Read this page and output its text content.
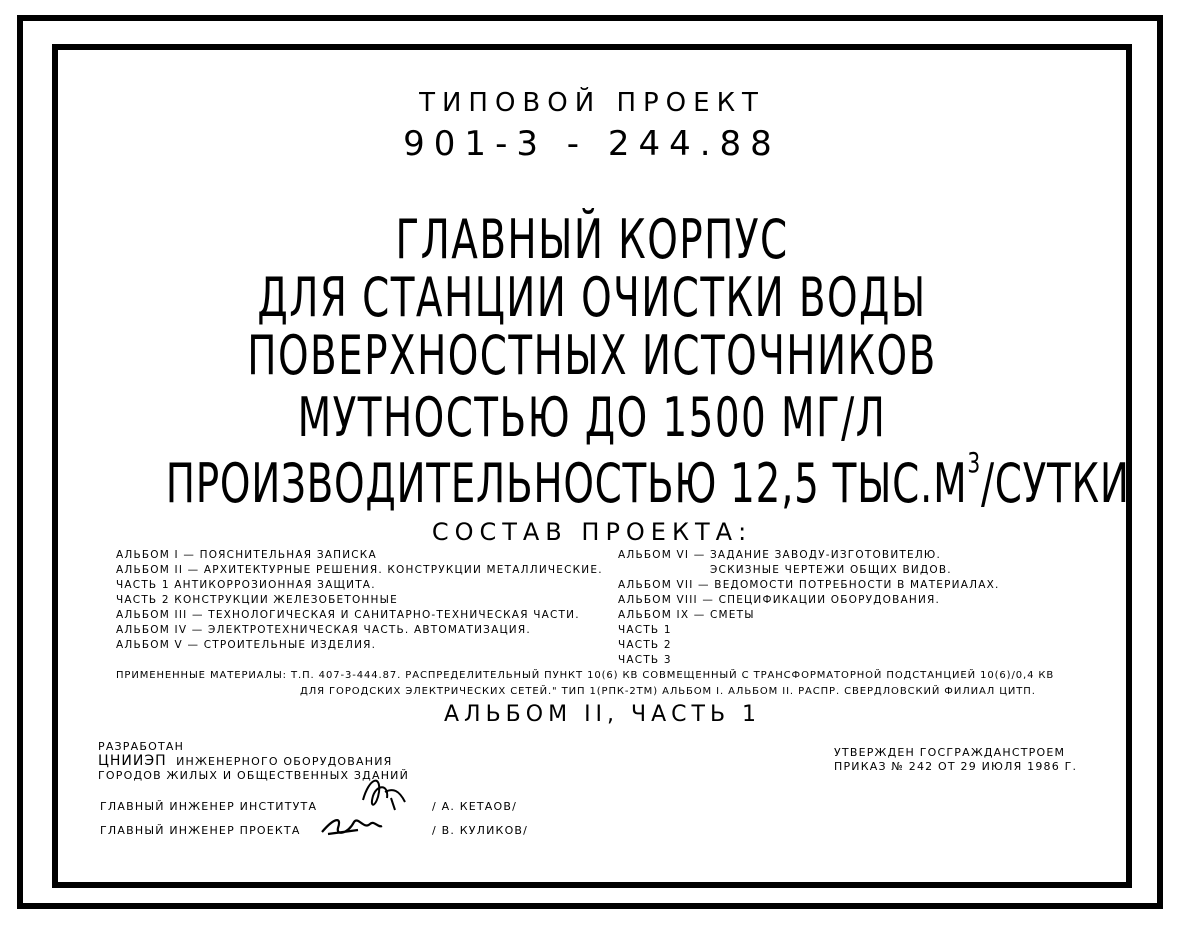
ТИПОВОЙ ПРОЕКТ
901-3 - 244.88
ГЛАВНЫЙ КОРПУС
ДЛЯ СТАНЦИИ ОЧИСТКИ ВОДЫ
ПОВЕРХНОСТНЫХ ИСТОЧНИКОВ
МУТНОСТЬЮ ДО 1500 МГ/Л
ПРОИЗВОДИТЕЛЬНОСТЬЮ 12,5 $ТЫС.М^3$/СУТКИ
СОСТАВ ПРОЕКТА:
АЛЬБОМ I — ПОЯСНИТЕЛЬНАЯ ЗАПИСКА
АЛЬБОМ II — АРХИТЕКТУРНЫЕ РЕШЕНИЯ. КОНСТРУКЦИИ МЕТАЛЛИЧЕСКИЕ.
ЧАСТЬ 1 АНТИКОРРОЗИОННАЯ ЗАЩИТА.
ЧАСТЬ 2 КОНСТРУКЦИИ ЖЕЛЕЗОБЕТОННЫЕ
АЛЬБОМ III — ТЕХНОЛОГИЧЕСКАЯ И САНИТАРНО-ТЕХНИЧЕСКАЯ ЧАСТИ.
АЛЬБОМ IV — ЭЛЕКТРОТЕХНИЧЕСКАЯ ЧАСТЬ. АВТОМАТИЗАЦИЯ.
АЛЬБОМ V — СТРОИТЕЛЬНЫЕ ИЗДЕЛИЯ.
АЛЬБОМ VI — ЗАДАНИЕ ЗАВОДУ-ИЗГОТОВИТЕЛЮ.
ЭСКИЗНЫЕ ЧЕРТЕЖИ ОБЩИХ ВИДОВ.
АЛЬБОМ VII — ВЕДОМОСТИ ПОТРЕБНОСТИ В МАТЕРИАЛАХ.
АЛЬБОМ VIII — СПЕЦИФИКАЦИИ ОБОРУДОВАНИЯ.
АЛЬБОМ IX — СМЕТЫ
ЧАСТЬ 1
ЧАСТЬ 2
ЧАСТЬ 3
ПРИМЕНЕННЫЕ МАТЕРИАЛЫ: Т.П. 407-3-444.87. РАСПРЕДЕЛИТЕЛЬНЫЙ ПУНКТ 10(6) КВ СОВМЕЩЕННЫЙ С ТРАНСФОРМАТОРНОЙ ПОДСТАНЦИЕЙ 10(6)/0,4 КВ
ДЛЯ ГОРОДСКИХ ЭЛЕКТРИЧЕСКИХ СЕТЕЙ." ТИП 1(РПК-2ТМ) АЛЬБОМ I. АЛЬБОМ II. РАСПР. СВЕРДЛОВСКИЙ ФИЛИАЛ ЦИТП.
АЛЬБОМ II, ЧАСТЬ 1
РАЗРАБОТАН
ЦНИИЭП ИНЖЕНЕРНОГО ОБОРУДОВАНИЯ
ГОРОДОВ ЖИЛЫХ И ОБЩЕСТВЕННЫХ ЗДАНИЙ
УТВЕРЖДЕН ГОСГРАЖДАНСТРОЕМ
ПРИКАЗ № 242 ОТ 29 ИЮЛЯ 1986 Г.
ГЛАВНЫЙ ИНЖЕНЕР ИНСТИТУТА	/ А. КЕТАОВ/
ГЛАВНЫЙ ИНЖЕНЕР ПРОЕКТА	/ В. КУЛИКОВ/
